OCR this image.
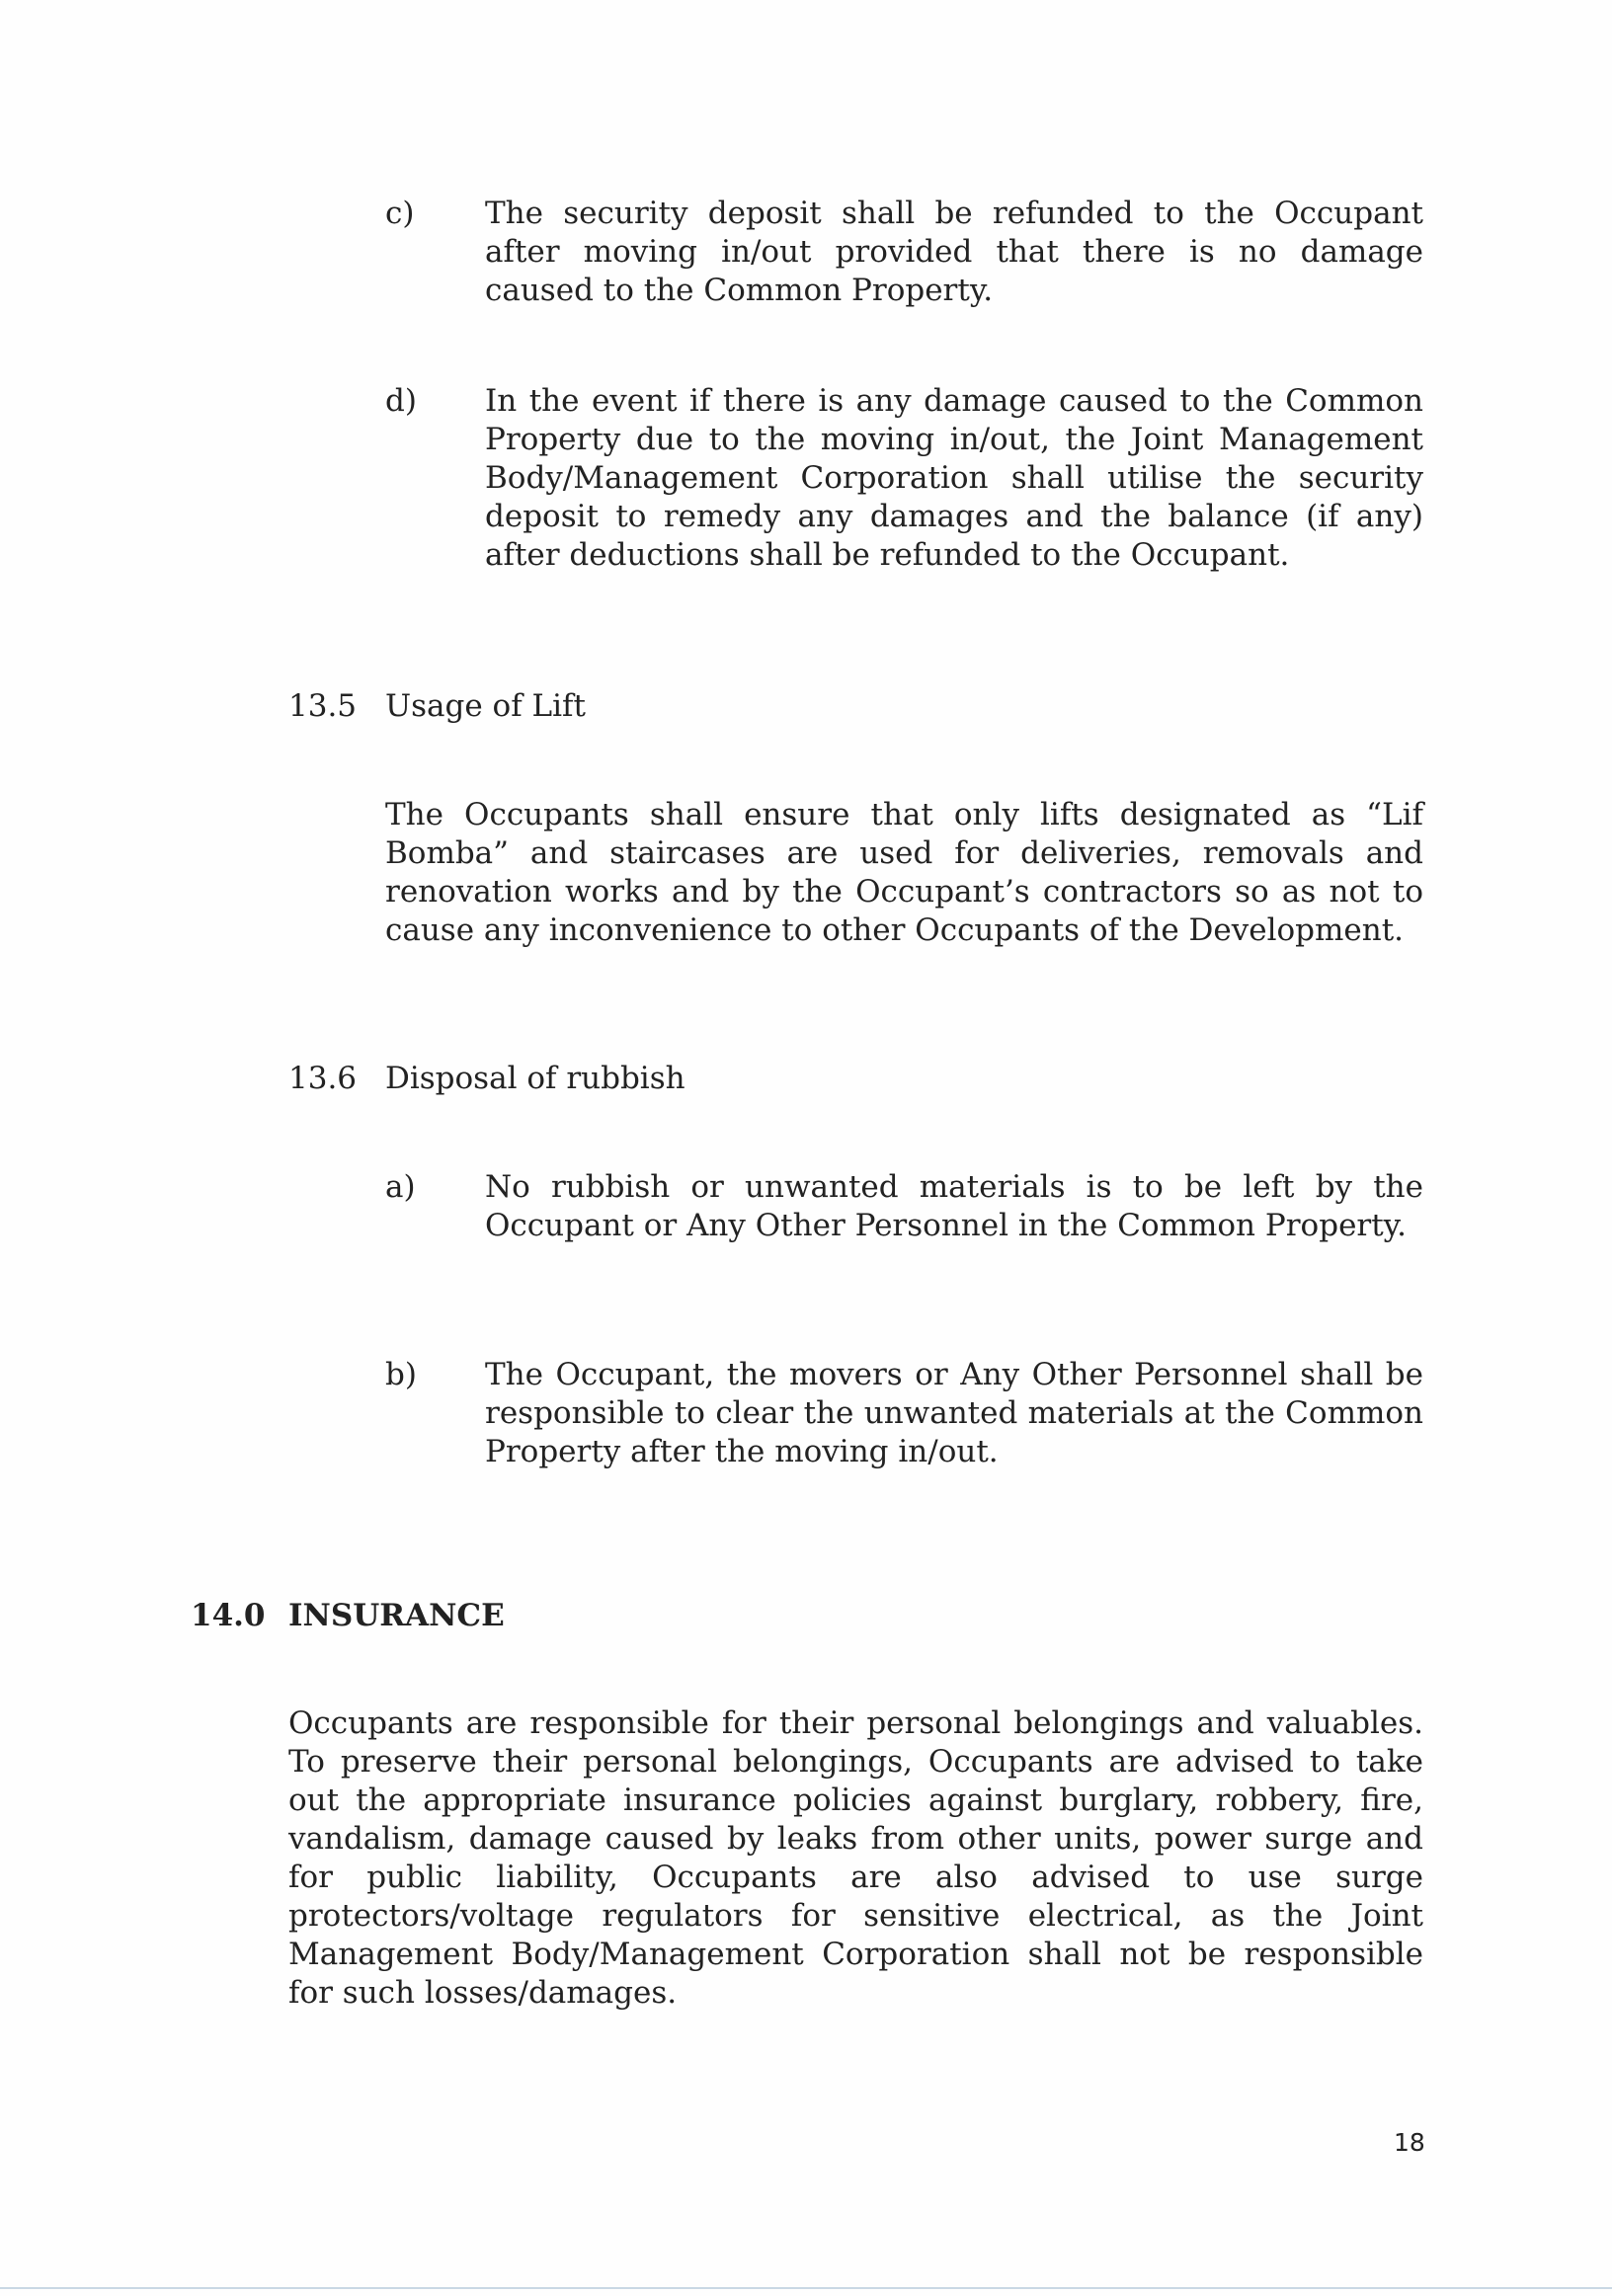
c) The security deposit shall be refunded to the Occupant after moving in/out provided that there is no damage caused to the Common Property.

d) In the event if there is any damage caused to the Common Property due to the moving in/out, the Joint Management Body/Management Corporation shall utilise the security deposit to remedy any damages and the balance (if any) after deductions shall be refunded to the Occupant.

13.5 Usage of Lift

The Occupants shall ensure that only lifts designated as “Lif Bomba” and staircases are used for deliveries, removals and renovation works and by the Occupant’s contractors so as not to cause any inconvenience to other Occupants of the Development.

13.6 Disposal of rubbish

a) No rubbish or unwanted materials is to be left by the Occupant or Any Other Personnel in the Common Property.

b) The Occupant, the movers or Any Other Personnel shall be responsible to clear the unwanted materials at the Common Property after the moving in/out.

14.0 INSURANCE

Occupants are responsible for their personal belongings and valuables. To preserve their personal belongings, Occupants are advised to take out the appropriate insurance policies against burglary, robbery, fire, vandalism, damage caused by leaks from other units, power surge and for public liability, Occupants are also advised to use surge protectors/voltage regulators for sensitive electrical, as the Joint Management Body/Management Corporation shall not be responsible for such losses/damages.

18
